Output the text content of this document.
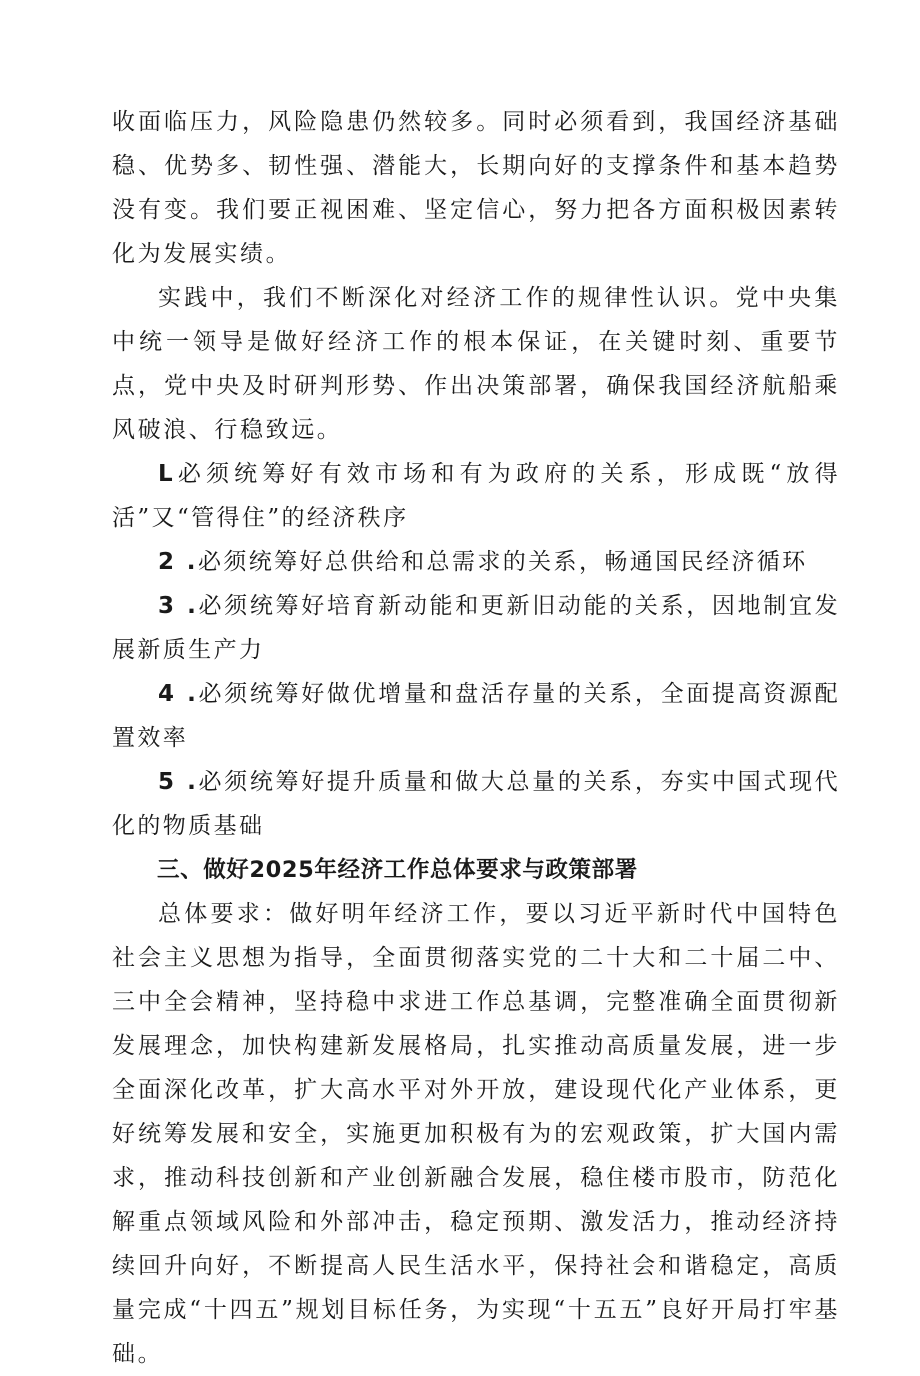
收面临压力，风险隐患仍然较多。同时必须看到，我国经济基础稳、优势多、韧性强、潜能大，长期向好的支撑条件和基本趋势没有变。我们要正视困难、坚定信心，努力把各方面积极因素转化为发展实绩。

实践中，我们不断深化对经济工作的规律性认识。党中央集中统一领导是做好经济工作的根本保证，在关键时刻、重要节点，党中央及时研判形势、作出决策部署，确保我国经济航船乘风破浪、行稳致远。

L必须统筹好有效市场和有为政府的关系，形成既“放得活”又“管得住”的经济秩序

2 .必须统筹好总供给和总需求的关系，畅通国民经济循环

3 .必须统筹好培育新动能和更新旧动能的关系，因地制宜发展新质生产力

4 .必须统筹好做优增量和盘活存量的关系，全面提高资源配置效率

5 .必须统筹好提升质量和做大总量的关系，夯实中国式现代化的物质基础

三、做好2025年经济工作总体要求与政策部署

总体要求：做好明年经济工作，要以习近平新时代中国特色社会主义思想为指导，全面贯彻落实党的二十大和二十届二中、三中全会精神，坚持稳中求进工作总基调，完整准确全面贯彻新发展理念，加快构建新发展格局，扎实推动高质量发展，进一步全面深化改革，扩大高水平对外开放，建设现代化产业体系，更好统筹发展和安全，实施更加积极有为的宏观政策，扩大国内需求，推动科技创新和产业创新融合发展，稳住楼市股市，防范化解重点领域风险和外部冲击，稳定预期、激发活力，推动经济持续回升向好，不断提高人民生活水平，保持社会和谐稳定，高质量完成“十四五”规划目标任务，为实现“十五五”良好开局打牢基础。
